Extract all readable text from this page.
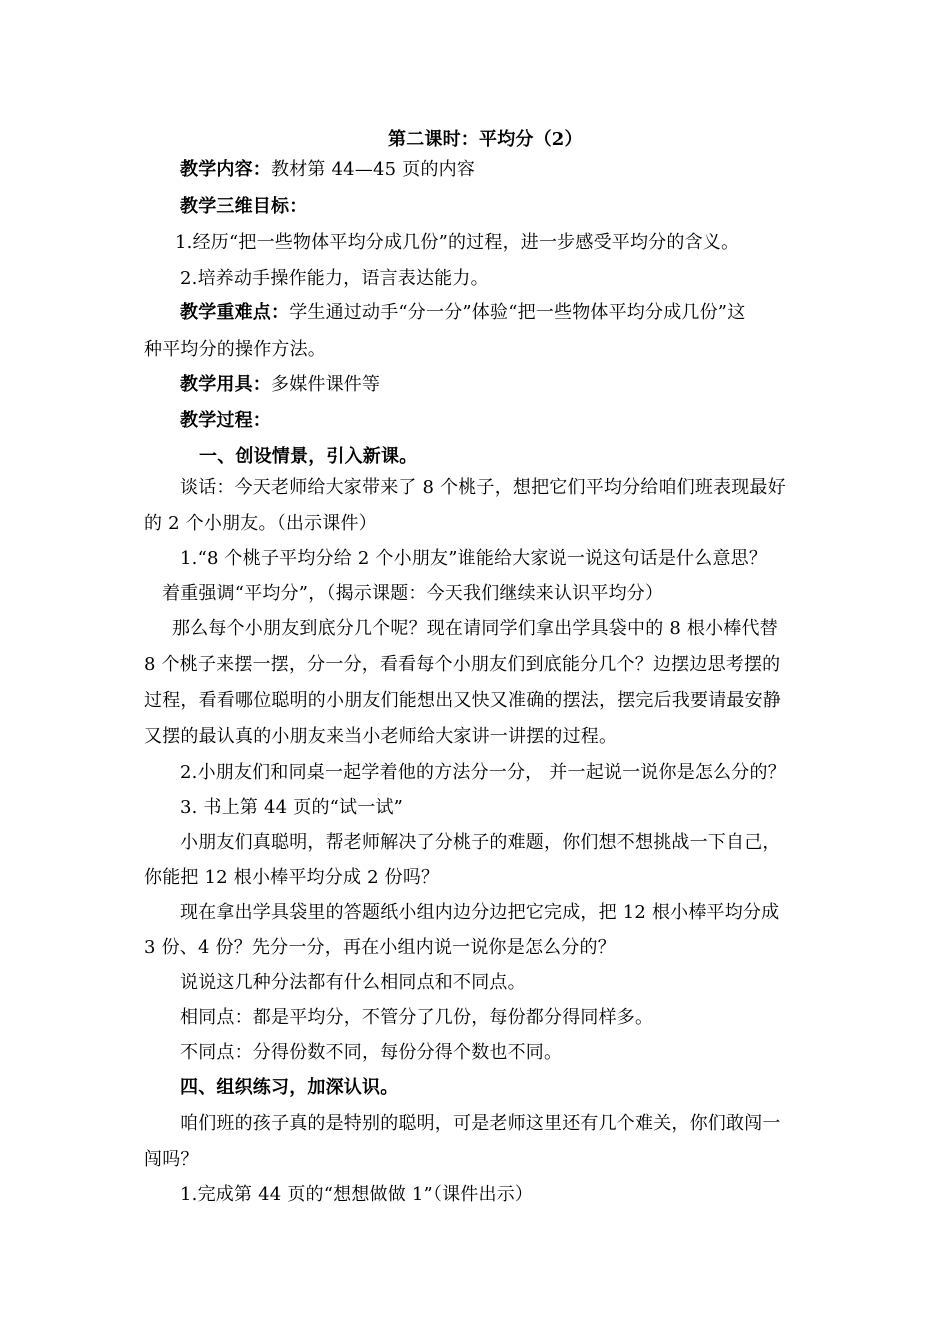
第二课时：平均分（2）
教学内容：教材第 44—45 页的内容
教学三维目标：
1.经历“把一些物体平均分成几份”的过程，进一步感受平均分的含义。
2.培养动手操作能力，语言表达能力。
教学重难点：学生通过动手“分一分”体验“把一些物体平均分成几份”这
种平均分的操作方法。
教学用具：多媒件课件等
教学过程：
一、创设情景，引入新课。
谈话：今天老师给大家带来了 8 个桃子，想把它们平均分给咱们班表现最好
的 2 个小朋友。（出示课件）
1.“8 个桃子平均分给 2 个小朋友”谁能给大家说一说这句话是什么意思？
着重强调“平均分”，（揭示课题：今天我们继续来认识平均分）
那么每个小朋友到底分几个呢？现在请同学们拿出学具袋中的 8 根小棒代替
8 个桃子来摆一摆，分一分，看看每个小朋友们到底能分几个？边摆边思考摆的
过程，看看哪位聪明的小朋友们能想出又快又准确的摆法，摆完后我要请最安静
又摆的最认真的小朋友来当小老师给大家讲一讲摆的过程。
2.小朋友们和同桌一起学着他的方法分一分， 并一起说一说你是怎么分的？
3. 书上第 44 页的“试一试”
小朋友们真聪明，帮老师解决了分桃子的难题，你们想不想挑战一下自己，
你能把 12 根小棒平均分成 2 份吗？
现在拿出学具袋里的答题纸小组内边分边把它完成，把 12 根小棒平均分成
3 份、4 份？先分一分，再在小组内说一说你是怎么分的？
说说这几种分法都有什么相同点和不同点。
相同点：都是平均分，不管分了几份，每份都分得同样多。
不同点：分得份数不同，每份分得个数也不同。
四、组织练习，加深认识。
咱们班的孩子真的是特别的聪明，可是老师这里还有几个难关，你们敢闯一
闯吗？
1.完成第 44 页的“想想做做 1”（课件出示）
